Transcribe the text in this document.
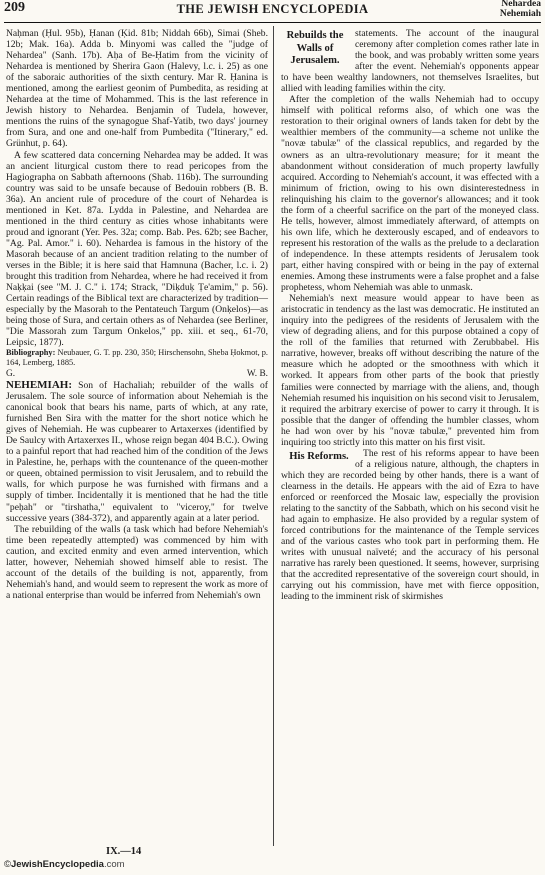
209	THE JEWISH ENCYCLOPEDIA	Nehardea
Nehemiah

Naḥman (Ḥul. 95b), Ḥanan (Ḳid. 81b; Niddah 66b), Simai (Sheb. 12b; Mak. 16a). Adda b. Minyomi was called the "judge of Nehardea" (Sanh. 17b). Aḥa of Be-Ḥatim from the vicinity of Nehardea is mentioned by Sherira Gaon (Halevy, l.c. i. 25) as one of the saboraic authorities of the sixth century. Mar R. Ḥanina is mentioned, among the earliest geonim of Pumbedita, as residing at Nehardea at the time of Mohammed. This is the last reference in Jewish history to Nehardea. Benjamin of Tudela, however, mentions the ruins of the synagogue Shaf-Yatib, two days' journey from Sura, and one and one-half from Pumbedita ("Itinerary," ed. Grünhut, p. 64).

A few scattered data concerning Nehardea may be added. It was an ancient liturgical custom there to read pericopes from the Hagiographa on Sabbath afternoons (Shab. 116b). The surrounding country was said to be unsafe because of Bedouin robbers (B. B. 36a). An ancient rule of procedure of the court of Nehardea is mentioned in Ket. 87a. Lydda in Palestine, and Nehardea are mentioned in the third century as cities whose inhabitants were proud and ignorant (Yer. Pes. 32a; comp. Bab. Pes. 62b; see Bacher, "Ag. Pal. Amor." i. 60). Nehardea is famous in the history of the Masorah because of an ancient tradition relating to the number of verses in the Bible; it is here said that Hamnuna (Bacher, l.c. i. 2) brought this tradition from Nehardea, where he had received it from Naḳḳai (see "M. J. C." i. 174; Strack, "Diḳduḳ Ṭe'amim," p. 56). Certain readings of the Biblical text are characterized by tradition—especially by the Masorah to the Pentateuch Targum (Onḳelos)—as being those of Sura, and certain others as of Nehardea (see Berliner, "Die Massorah zum Targum Onkelos," pp. xiii. et seq., 61-70, Leipsic, 1877).

Bibliography: Neubauer, G. T. pp. 230, 350; Hirschensohn, Sheba Ḥokmot, p. 164, Lemberg, 1885.

G.	W. B.

NEHEMIAH: Son of Hachaliah; rebuilder of the walls of Jerusalem. The sole source of information about Nehemiah is the canonical book that bears his name, parts of which, at any rate, furnished Ben Sira with the matter for the short notice which he gives of Nehemiah. He was cupbearer to Artaxerxes (identified by De Saulcy with Artaxerxes II., whose reign began 404 B.C.). Owing to a painful report that had reached him of the condition of the Jews in Palestine, he, perhaps with the countenance of the queen-mother or queen, obtained permission to visit Jerusalem, and to rebuild the walls, for which purpose he was furnished with firmans and a supply of timber. Incidentally it is mentioned that he had the title "peḥah" or "tirshatha," equivalent to "viceroy," for twelve successive years (384-372), and apparently again at a later period.

The rebuilding of the walls (a task which had before Nehemiah's time been repeatedly attempted) was commenced by him with caution, and excited enmity and even armed intervention, which latter, however, Nehemiah showed himself able to resist. The account of the details of the building is not, apparently, from Nehemiah's hand, and would seem to represent the work as more of a national enterprise than would be inferred from Nehemiah's own

Rebuilds the Walls of Jerusalem.
statements. The account of the inaugural ceremony after completion comes rather late in the book, and was probably written some years after the event. Nehemiah's opponents appear to have been wealthy landowners, not themselves Israelites, but allied with leading families within the city.

After the completion of the walls Nehemiah had to occupy himself with political reforms also, of which one was the restoration to their original owners of lands taken for debt by the wealthier members of the community—a scheme not unlike the "novæ tabulæ" of the classical republics, and regarded by the owners as an ultra-revolutionary measure; for it meant the abandonment without consideration of much property lawfully acquired. According to Nehemiah's account, it was effected with a minimum of friction, owing to his own disinterestedness in relinquishing his claim to the governor's allowances; and it took the form of a cheerful sacrifice on the part of the moneyed class. He tells, however, almost immediately afterward, of attempts on his own life, which he dexterously escaped, and of endeavors to represent his restoration of the walls as the prelude to a declaration of independence. In these attempts residents of Jerusalem took part, either having conspired with or being in the pay of external enemies. Among these instruments were a false prophet and a false prophetess, whom Nehemiah was able to unmask.

Nehemiah's next measure would appear to have been as aristocratic in tendency as the last was democratic. He instituted an inquiry into the pedigrees of the residents of Jerusalem with the view of degrading aliens, and for this purpose obtained a copy of the roll of the families that returned with Zerubbabel. His narrative, however, breaks off without describing the nature of the measure which he adopted or the smoothness with which it worked. It appears from other parts of the book that priestly families were connected by marriage with the aliens, and, though Nehemiah resumed his inquisition on his second visit to Jerusalem, it required the arbitrary exercise of power to carry it through. It is possible that the danger of offending the humbler classes, whom he had won over by his "novæ tabulæ," prevented him from inquiring too strictly into this matter on his first visit.

His Reforms. The rest of his reforms appear to have been of a religious nature, although, the chapters in which they are recorded being by other hands, there is a want of clearness in the details. He appears with the aid of Ezra to have enforced or reenforced the Mosaic law, especially the provision relating to the sanctity of the Sabbath, which on his second visit he had again to emphasize. He also provided by a regular system of forced contributions for the maintenance of the Temple services and of the various castes who took part in performing them. He writes with unusual naïveté; and the accuracy of his personal narrative has rarely been questioned. It seems, however, surprising that the accredited representative of the sovereign court should, in carrying out his commission, have met with fierce opposition, leading to the imminent risk of skirmishes

IX.—14
©JewishEncyclopedia.com
